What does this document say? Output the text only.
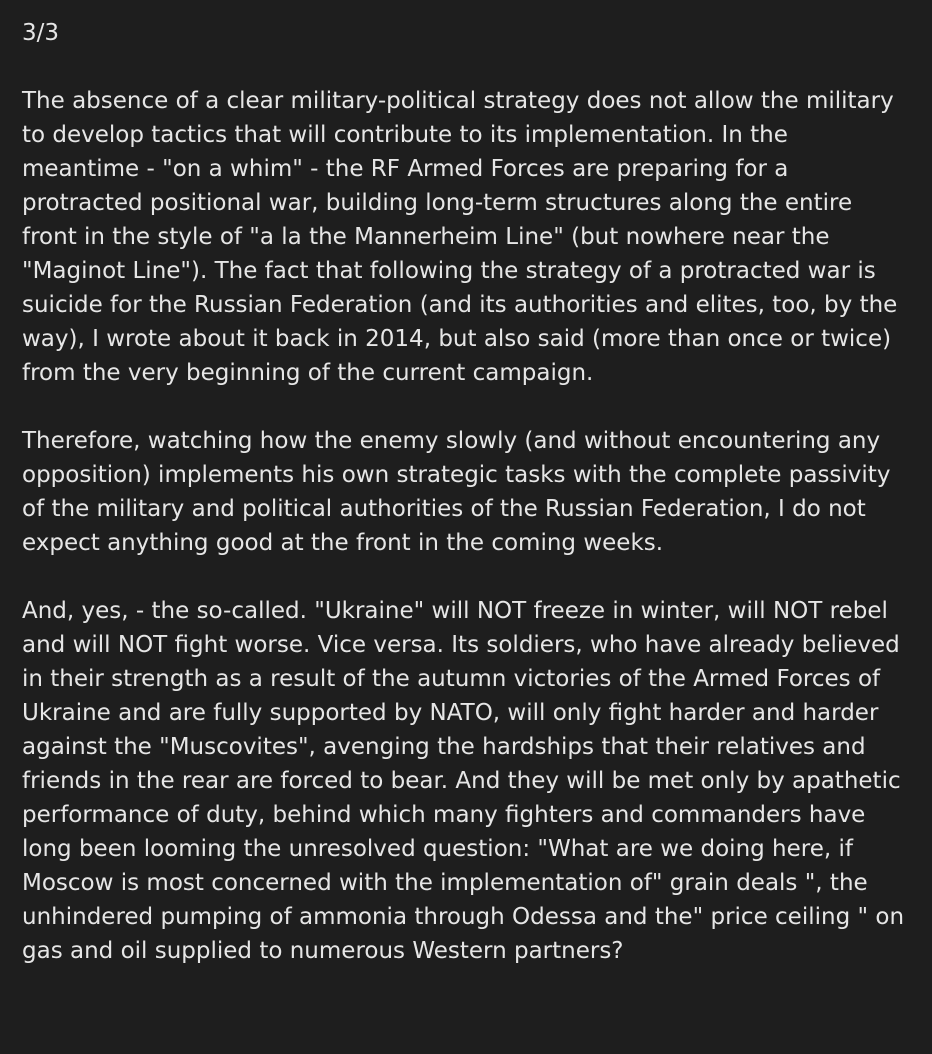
3/3

The absence of a clear military-political strategy does not allow the military to develop tactics that will contribute to its implementation. In the meantime - "on a whim" - the RF Armed Forces are preparing for a protracted positional war, building long-term structures along the entire front in the style of "a la the Mannerheim Line" (but nowhere near the "Maginot Line"). The fact that following the strategy of a protracted war is suicide for the Russian Federation (and its authorities and elites, too, by the way), I wrote about it back in 2014, but also said (more than once or twice) from the very beginning of the current campaign.

Therefore, watching how the enemy slowly (and without encountering any opposition) implements his own strategic tasks with the complete passivity of the military and political authorities of the Russian Federation, I do not expect anything good at the front in the coming weeks.

And, yes, - the so-called. "Ukraine" will NOT freeze in winter, will NOT rebel and will NOT fight worse. Vice versa. Its soldiers, who have already believed in their strength as a result of the autumn victories of the Armed Forces of Ukraine and are fully supported by NATO, will only fight harder and harder against the "Muscovites", avenging the hardships that their relatives and friends in the rear are forced to bear. And they will be met only by apathetic performance of duty, behind which many fighters and commanders have long been looming the unresolved question: "What are we doing here, if Moscow is most concerned with the implementation of" grain deals ", the unhindered pumping of ammonia through Odessa and the" price ceiling " on gas and oil supplied to numerous Western partners?
